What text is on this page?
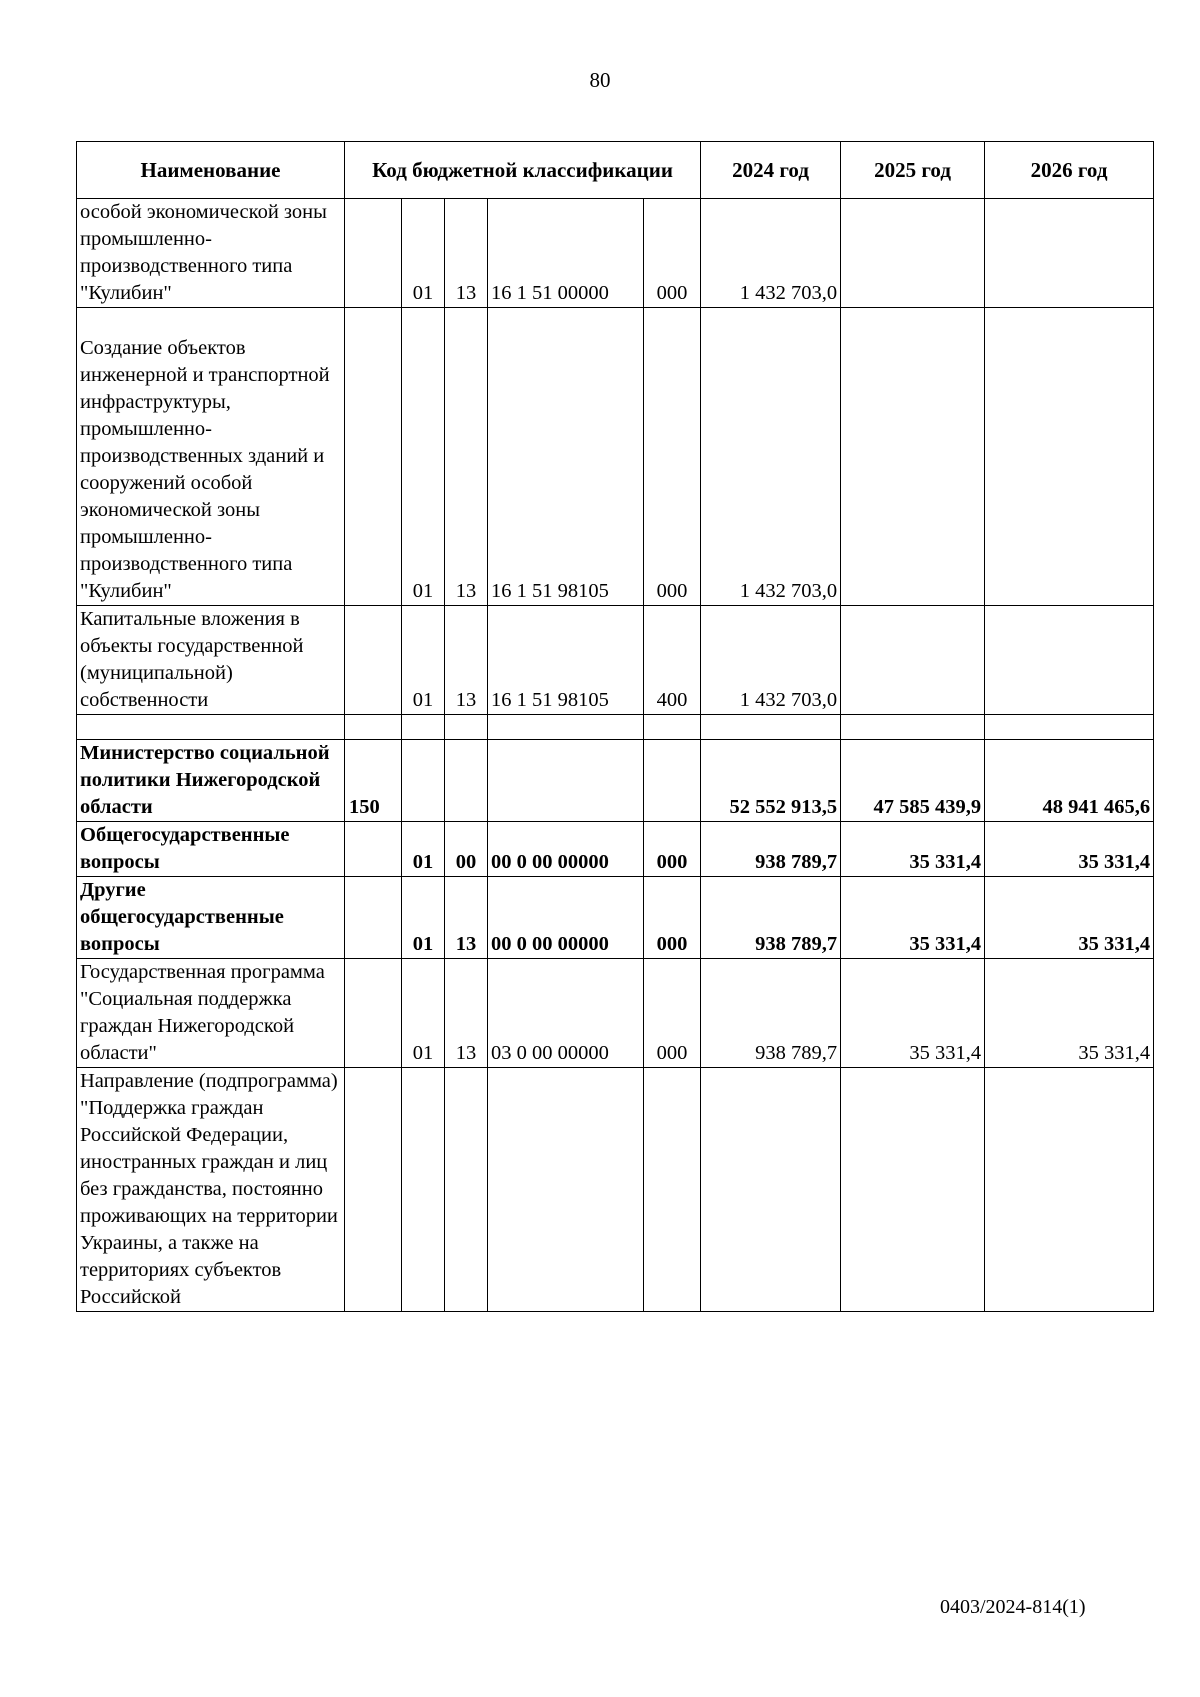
80
Наименование	Код бюджетной классификации					2024 год	2025 год	2026 год
особой экономической зоны промышленно-производственного типа "Кулибин"		01	13	16 1 51 00000	000	1 432 703,0		
Создание объектов инженерной и транспортной инфраструктуры, промышленно-производственных зданий и сооружений особой экономической зоны промышленно-производственного типа "Кулибин"		01	13	16 1 51 98105	000	1 432 703,0		
Капитальные вложения в объекты государственной (муниципальной) собственности		01	13	16 1 51 98105	400	1 432 703,0		

Министерство социальной политики Нижегородской области	150					52 552 913,5	47 585 439,9	48 941 465,6
Общегосударственные вопросы		01	00	00 0 00 00000	000	938 789,7	35 331,4	35 331,4
Другие общегосударственные вопросы		01	13	00 0 00 00000	000	938 789,7	35 331,4	35 331,4
Государственная программа "Социальная поддержка граждан Нижегородской области"		01	13	03 0 00 00000	000	938 789,7	35 331,4	35 331,4
Направление (подпрограмма) "Поддержка граждан Российской Федерации, иностранных граждан и лиц без гражданства, постоянно проживающих на территории Украины, а также на территориях субъектов Российской								
0403/2024-814(1)
